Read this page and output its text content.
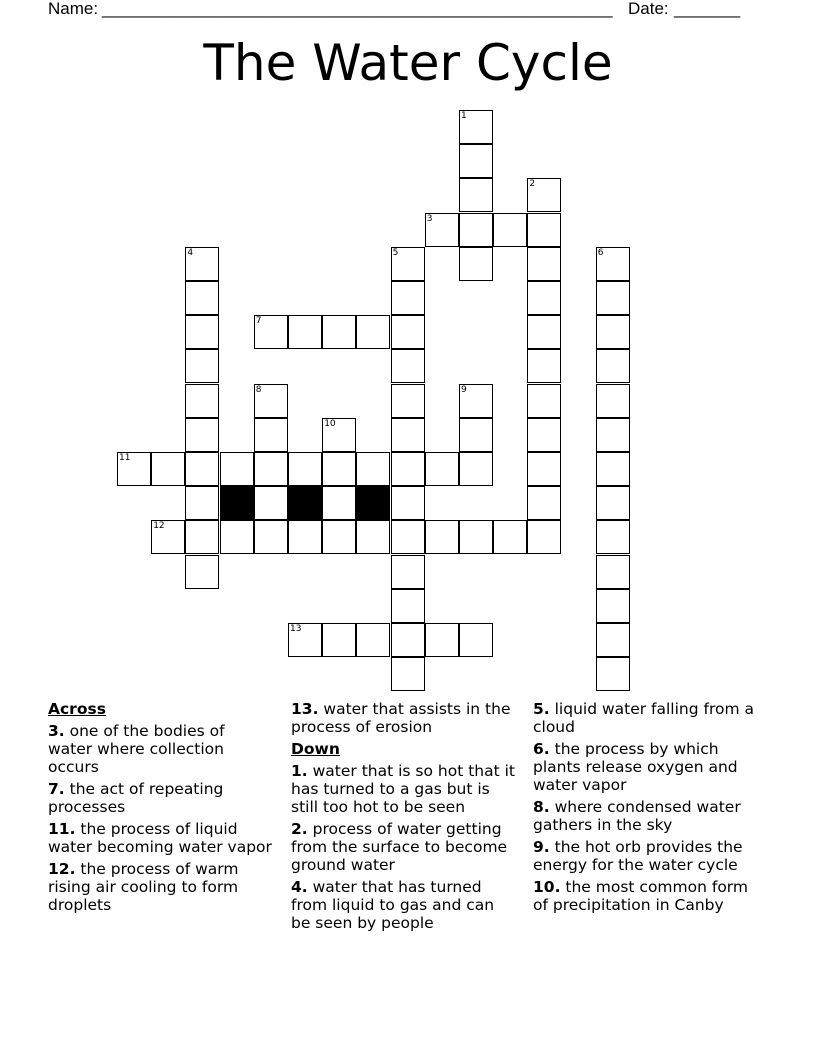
Name: ______________________________________________________ Date: _______
The Water Cycle
1
2
3
4	5	6
7
8	9
10
11
12
13
Across
3. one of the bodies of water where collection occurs
7. the act of repeating processes
11. the process of liquid water becoming water vapor
12. the process of warm rising air cooling to form droplets
13. water that assists in the process of erosion
Down
1. water that is so hot that it has turned to a gas but is still too hot to be seen
2. process of water getting from the surface to become ground water
4. water that has turned from liquid to gas and can be seen by people
5. liquid water falling from a cloud
6. the process by which plants release oxygen and water vapor
8. where condensed water gathers in the sky
9. the hot orb provides the energy for the water cycle
10. the most common form of precipitation in Canby
